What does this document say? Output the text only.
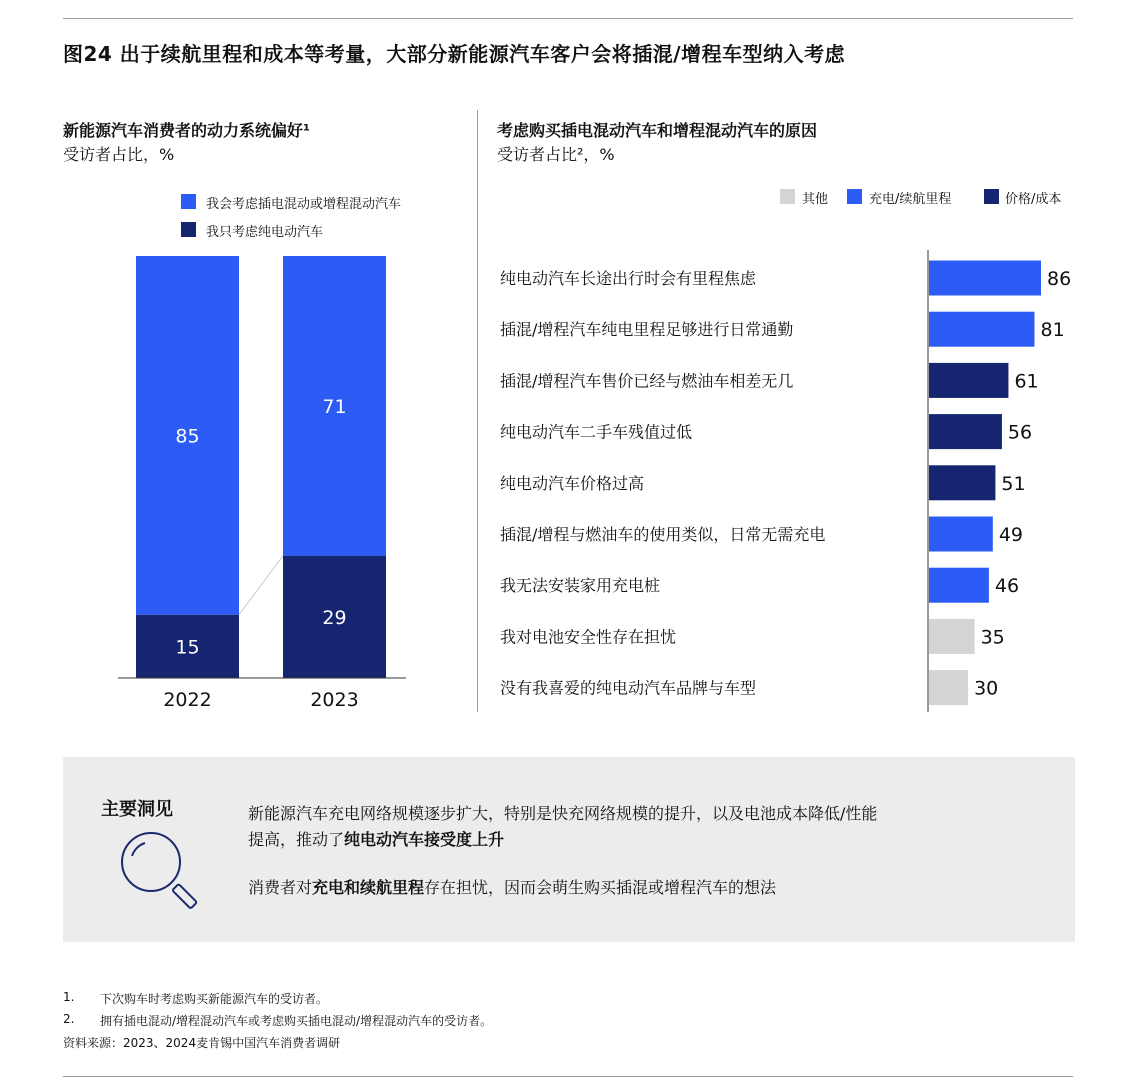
图24 出于续航里程和成本等考量，大部分新能源汽车客户会将插混/增程车型纳入考虑
新能源汽车消费者的动力系统偏好¹
受访者占比，%
我会考虑插电混动或增程混动汽车
我只考虑纯电动汽车
15
85
2022
29
71
2023
考虑购买插电混动汽车和增程混动汽车的原因
受访者占比²，%
其他	充电/续航里程	价格/成本
纯电动汽车长途出行时会有里程焦虑	86
插混/增程汽车纯电里程足够进行日常通勤	81
插混/增程汽车售价已经与燃油车相差无几	61
纯电动汽车二手车残值过低	56
纯电动汽车价格过高	51
插混/增程与燃油车的使用类似，日常无需充电	49
我无法安装家用充电桩	46
我对电池安全性存在担忧	35
没有我喜爱的纯电动汽车品牌与车型	30
主要洞见	新能源汽车充电网络规模逐步扩大，特别是快充网络规模的提升，以及电池成本降低/性能
提高，推动了纯电动汽车接受度上升
消费者对充电和续航里程存在担忧，因而会萌生购买插混或增程汽车的想法
1. 下次购车时考虑购买新能源汽车的受访者。
2. 拥有插电混动/增程混动汽车或考虑购买插电混动/增程混动汽车的受访者。
资料来源：2023、2024麦肯锡中国汽车消费者调研
